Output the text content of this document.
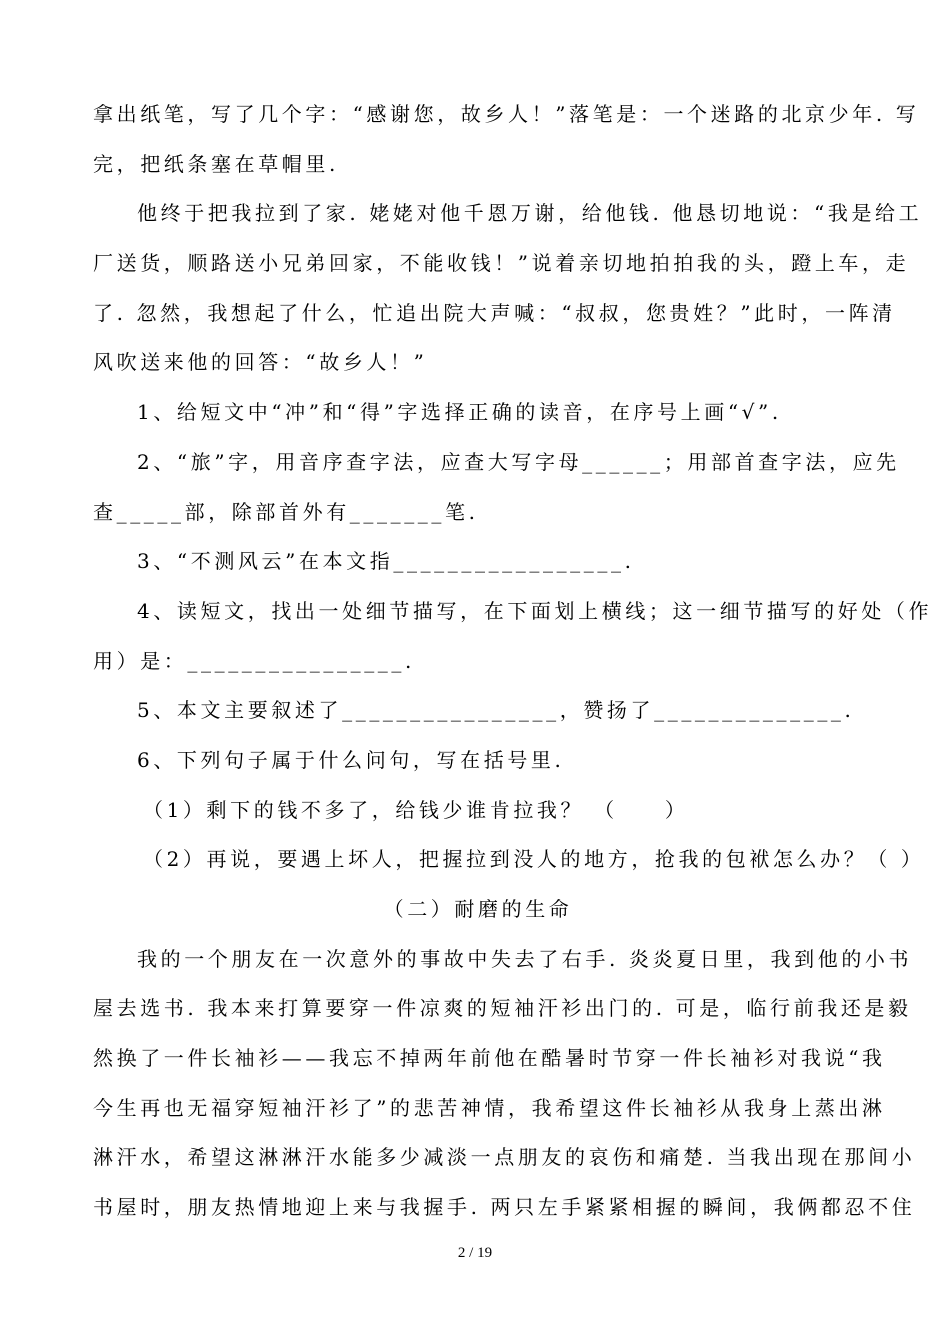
拿出纸笔，写了几个字：“感谢您，故乡人！”落笔是：一个迷路的北京少年. 写
完，把纸条塞在草帽里.
他终于把我拉到了家. 姥姥对他千恩万谢，给他钱. 他恳切地说：“我是给工
厂送货，顺路送小兄弟回家，不能收钱！”说着亲切地拍拍我的头，蹬上车，走
了. 忽然，我想起了什么，忙追出院大声喊：“叔叔，您贵姓？”此时，一阵清
风吹送来他的回答：“故乡人！”
1、给短文中“冲”和“得”字选择正确的读音，在序号上画“√”.
2、“旅”字，用音序查字法，应查大写字母______；用部首查字法，应先
查_____部，除部首外有_______笔.
3、“不测风云”在本文指_________________.
4、读短文，找出一处细节描写，在下面划上横线；这一细节描写的好处（作
用）是：________________.
5、本文主要叙述了________________，赞扬了______________.
6、下列句子属于什么问句，写在括号里.
（1）剩下的钱不多了，给钱少谁肯拉我？ （　　）
（2）再说，要遇上坏人，把握拉到没人的地方，抢我的包袱怎么办？（ ）
（二）耐磨的生命
我的一个朋友在一次意外的事故中失去了右手. 炎炎夏日里，我到他的小书
屋去选书. 我本来打算要穿一件凉爽的短袖汗衫出门的. 可是，临行前我还是毅
然换了一件长袖衫——我忘不掉两年前他在酷暑时节穿一件长袖衫对我说“我
今生再也无福穿短袖汗衫了”的悲苦神情，我希望这件长袖衫从我身上蒸出淋
淋汗水，希望这淋淋汗水能多少减淡一点朋友的哀伤和痛楚. 当我出现在那间小
书屋时，朋友热情地迎上来与我握手. 两只左手紧紧相握的瞬间，我俩都忍不住
2 / 19
